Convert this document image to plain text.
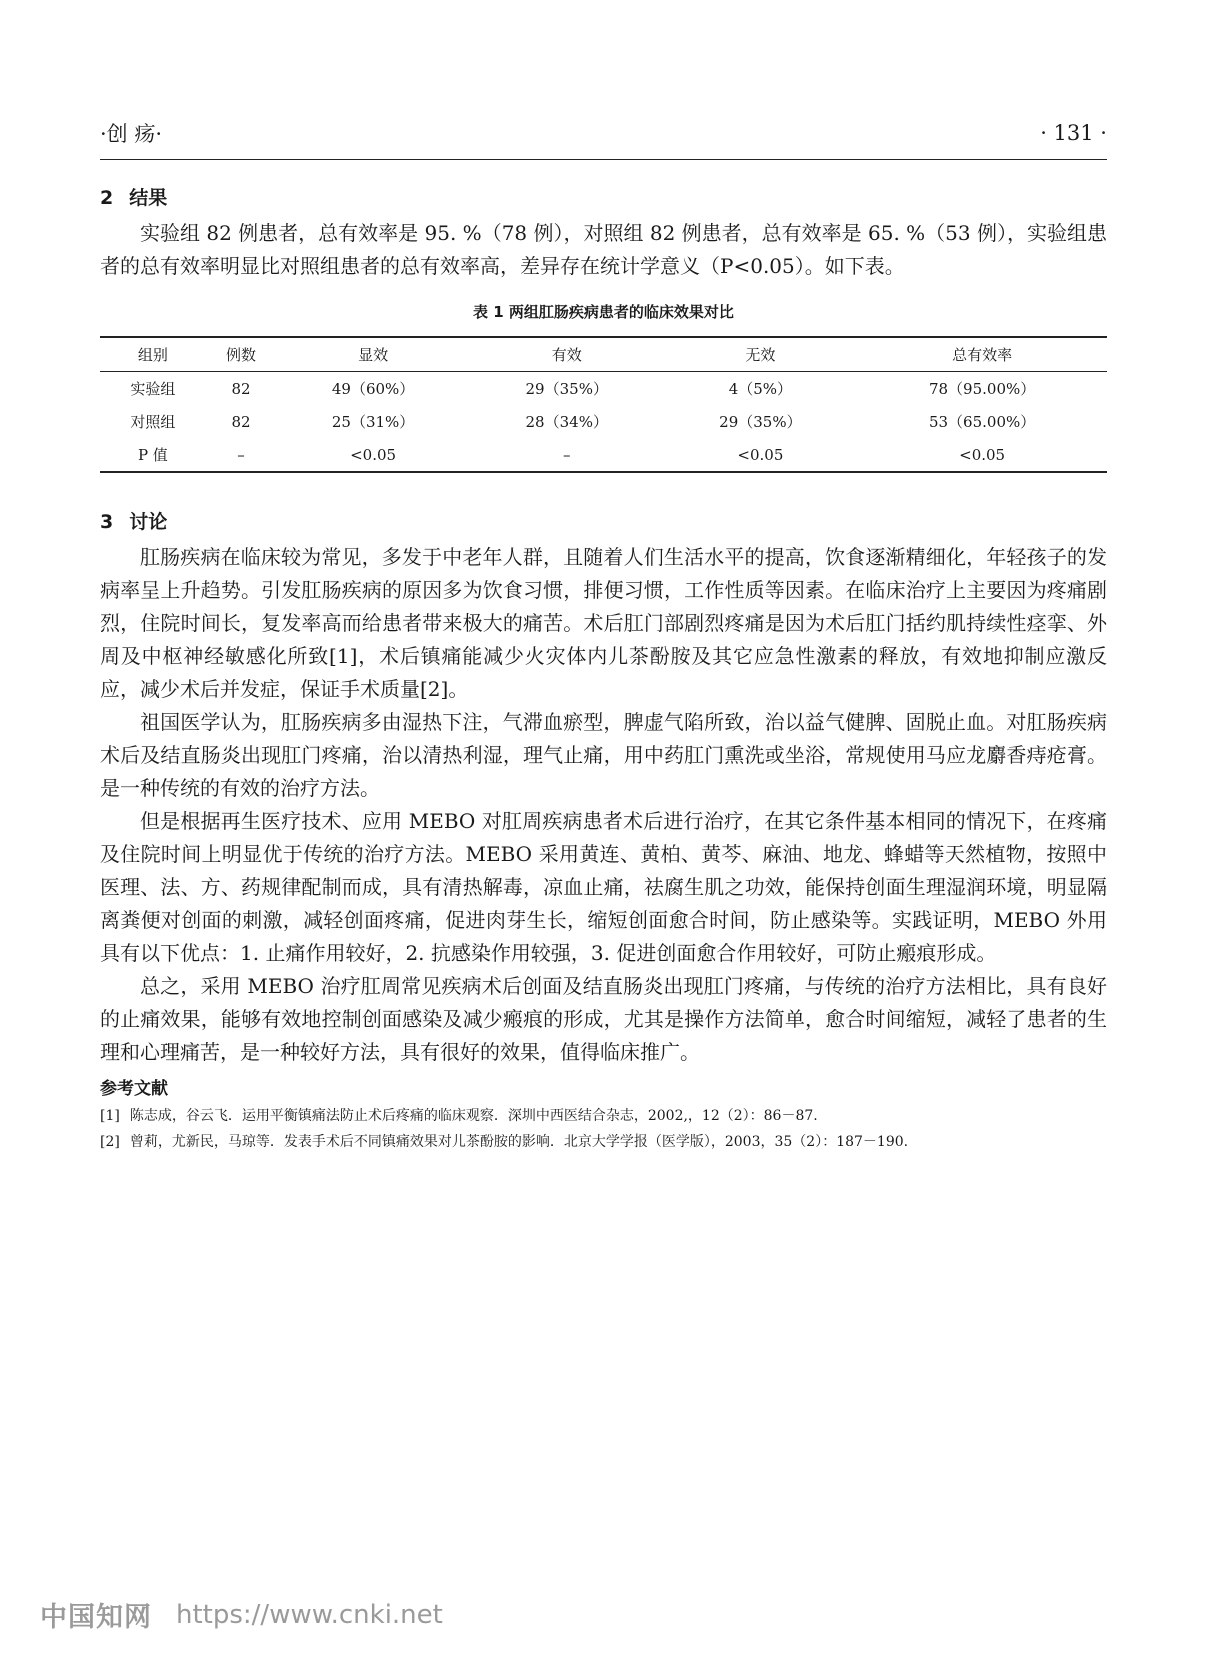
·创 疡·	· 131 ·
2 结果

实验组 82 例患者，总有效率是 95. %（78 例），对照组 82 例患者，总有效率是 65. %（53 例），实验组患者的总有效率明显比对照组患者的总有效率高，差异存在统计学意义（P<0.05）。如下表。

表 1 两组肛肠疾病患者的临床效果对比
组别	例数	显效	有效	无效	总有效率
实验组	82	49（60%）	29（35%）	4（5%）	78（95.00%）
对照组	82	25（31%）	28（34%）	29（35%）	53（65.00%）
P 值	–	<0.05	–	<0.05	<0.05
3 讨论

肛肠疾病在临床较为常见，多发于中老年人群，且随着人们生活水平的提高，饮食逐渐精细化，年轻孩子的发病率呈上升趋势。引发肛肠疾病的原因多为饮食习惯，排便习惯，工作性质等因素。在临床治疗上主要因为疼痛剧烈，住院时间长，复发率高而给患者带来极大的痛苦。术后肛门部剧烈疼痛是因为术后肛门括约肌持续性痉挛、外周及中枢神经敏感化所致[1]，术后镇痛能减少火灾体内儿茶酚胺及其它应急性激素的释放，有效地抑制应激反应，减少术后并发症，保证手术质量[2]。

祖国医学认为，肛肠疾病多由湿热下注，气滞血瘀型，脾虚气陷所致，治以益气健脾、固脱止血。对肛肠疾病术后及结直肠炎出现肛门疼痛，治以清热利湿，理气止痛，用中药肛门熏洗或坐浴，常规使用马应龙麝香痔疮膏。是一种传统的有效的治疗方法。

但是根据再生医疗技术、应用 MEBO 对肛周疾病患者术后进行治疗，在其它条件基本相同的情况下，在疼痛及住院时间上明显优于传统的治疗方法。MEBO 采用黄连、黄柏、黄芩、麻油、地龙、蜂蜡等天然植物，按照中医理、法、方、药规律配制而成，具有清热解毒，凉血止痛，祛腐生肌之功效，能保持创面生理湿润环境，明显隔离粪便对创面的刺激，减轻创面疼痛，促进肉芽生长，缩短创面愈合时间，防止感染等。实践证明，MEBO 外用具有以下优点：1. 止痛作用较好，2. 抗感染作用较强，3. 促进创面愈合作用较好，可防止瘢痕形成。

总之，采用 MEBO 治疗肛周常见疾病术后创面及结直肠炎出现肛门疼痛，与传统的治疗方法相比，具有良好的止痛效果，能够有效地控制创面感染及减少瘢痕的形成，尤其是操作方法简单，愈合时间缩短，减轻了患者的生理和心理痛苦，是一种较好方法，具有很好的效果，值得临床推广。

参考文献
[1] 陈志成，谷云飞．运用平衡镇痛法防止术后疼痛的临床观察．深圳中西医结合杂志，2002,，12（2）：86－87.
[2] 曾莉，尤新民，马琼等．发表手术后不同镇痛效果对儿茶酚胺的影响．北京大学学报（医学版），2003，35（2）：187－190.
中国知网 https://www.cnki.net
